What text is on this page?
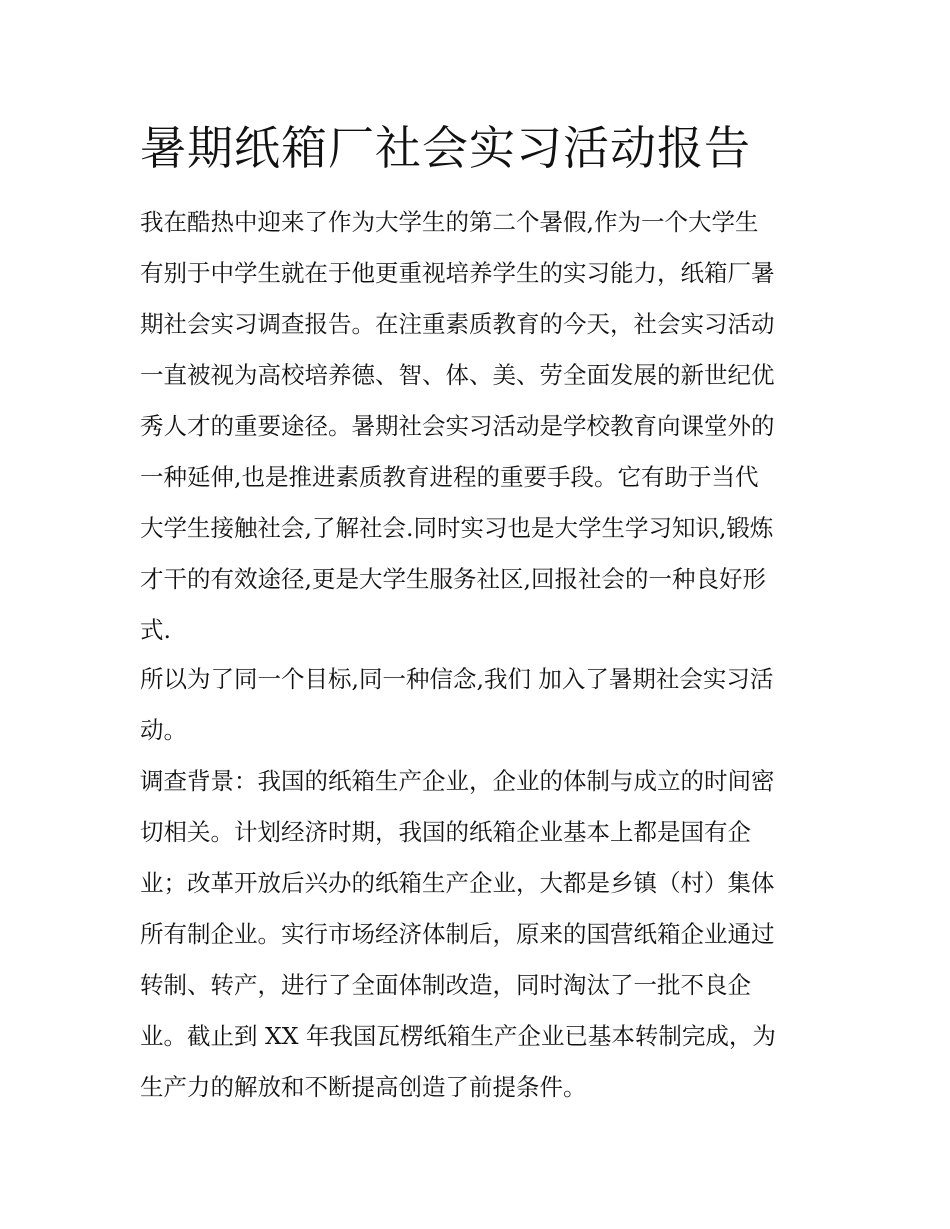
暑期纸箱厂社会实习活动报告

我在酷热中迎来了作为大学生的第二个暑假,作为一个大学生

有别于中学生就在于他更重视培养学生的实习能力，纸箱厂暑

期社会实习调查报告。在注重素质教育的今天，社会实习活动

一直被视为高校培养德、智、体、美、劳全面发展的新世纪优

秀人才的重要途径。暑期社会实习活动是学校教育向课堂外的

一种延伸,也是推进素质教育进程的重要手段。它有助于当代

大学生接触社会,了解社会.同时实习也是大学生学习知识,锻炼

才干的有效途径,更是大学生服务社区,回报社会的一种良好形

式.

所以为了同一个目标,同一种信念,我们 加入了暑期社会实习活

动。

调查背景：我国的纸箱生产企业，企业的体制与成立的时间密

切相关。计划经济时期，我国的纸箱企业基本上都是国有企

业；改革开放后兴办的纸箱生产企业，大都是乡镇（村）集体

所有制企业。实行市场经济体制后，原来的国营纸箱企业通过

转制、转产，进行了全面体制改造，同时淘汰了一批不良企

业。截止到 XX 年我国瓦楞纸箱生产企业已基本转制完成，为

生产力的解放和不断提高创造了前提条件。
